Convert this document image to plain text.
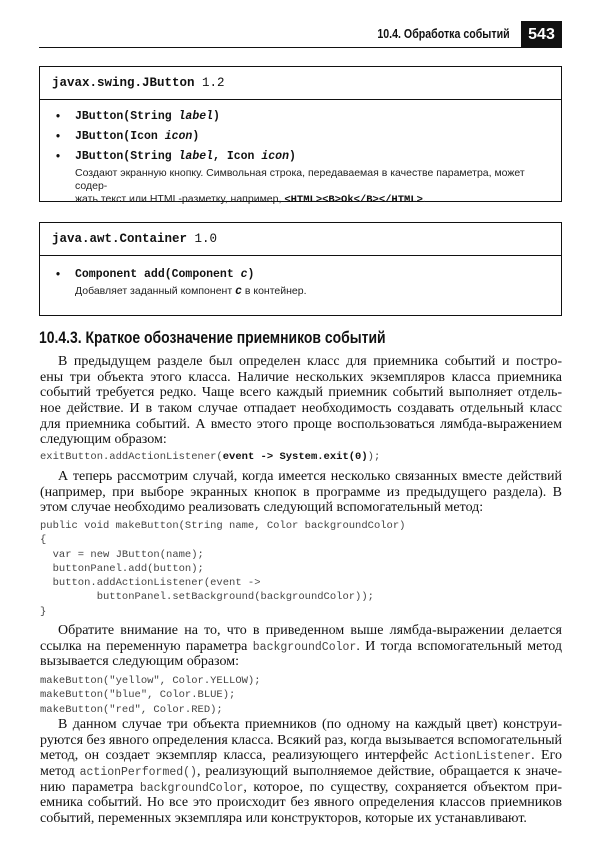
10.4. Обработка событий	543
javax.swing.JButton 1.2
• JButton(String label)
• JButton(Icon icon)
• JButton(String label, Icon icon)
Создают экранную кнопку. Символьная строка, передаваемая в качестве параметра, может содер-
жать текст или HTML-разметку, например, <HTML><B>Ok</B></HTML>.
java.awt.Container 1.0
• Component add(Component c)
Добавляет заданный компонент c в контейнер.
10.4.3. Краткое обозначение приемников событий
В предыдущем разделе был определен класс для приемника событий и постро-
ены три объекта этого класса. Наличие нескольких экземпляров класса приемника
событий требуется редко. Чаще всего каждый приемник событий выполняет отдель-
ное действие. И в таком случае отпадает необходимость создавать отдельный класс
для приемника событий. А вместо этого проще воспользоваться лямбда-выражением
следующим образом:
exitButton.addActionListener(event -> System.exit(0));
А теперь рассмотрим случай, когда имеется несколько связанных вместе действий
(например, при выборе экранных кнопок в программе из предыдущего раздела). В
этом случае необходимо реализовать следующий вспомогательный метод:
public void makeButton(String name, Color backgroundColor)
{
var = new JButton(name);
buttonPanel.add(button);
button.addActionListener(event ->
buttonPanel.setBackground(backgroundColor));
}
Обратите внимание на то, что в приведенном выше лямбда-выражении делается
ссылка на переменную параметра backgroundColor. И тогда вспомогательный метод
вызывается следующим образом:
makeButton("yellow", Color.YELLOW);
makeButton("blue", Color.BLUE);
makeButton("red", Color.RED);
В данном случае три объекта приемников (по одному на каждый цвет) конструи-
руются без явного определения класса. Всякий раз, когда вызывается вспомогательный
метод, он создает экземпляр класса, реализующего интерфейс ActionListener. Его
метод actionPerformed(), реализующий выполняемое действие, обращается к значе-
нию параметра backgroundColor, которое, по существу, сохраняется объектом при-
емника событий. Но все это происходит без явного определения классов приемников
событий, переменных экземпляра или конструкторов, которые их устанавливают.
